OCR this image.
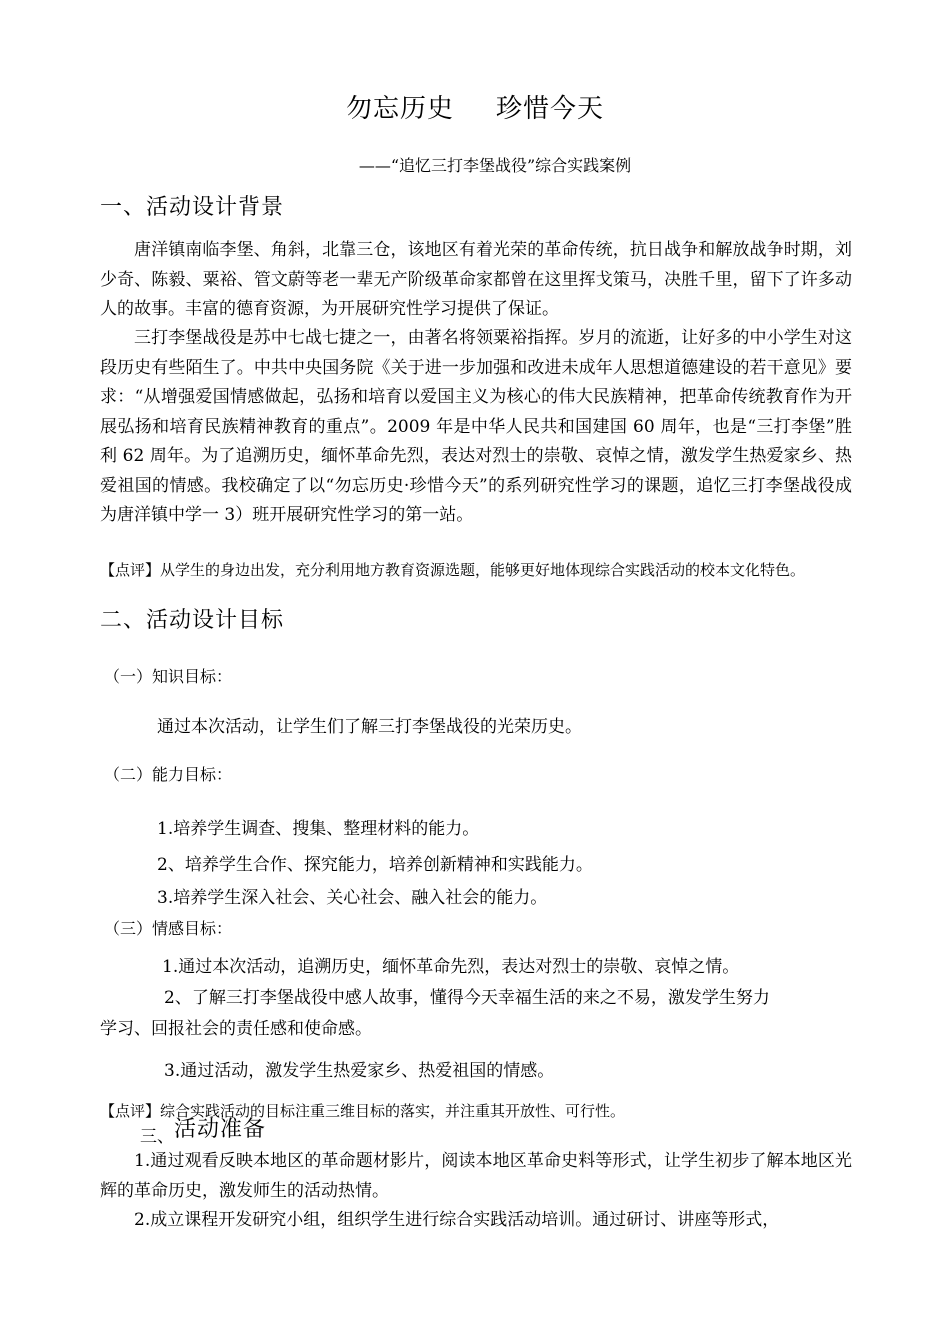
勿忘历史 珍惜今天
——“追忆三打李堡战役”综合实践案例
一、活动设计背景
唐洋镇南临李堡、角斜，北靠三仓，该地区有着光荣的革命传统，抗日战争和解放战争时期，刘少奇、陈毅、粟裕、管文蔚等老一辈无产阶级革命家都曾在这里挥戈策马，决胜千里，留下了许多动人的故事。丰富的德育资源，为开展研究性学习提供了保证。
三打李堡战役是苏中七战七捷之一，由著名将领粟裕指挥。岁月的流逝，让好多的中小学生对这段历史有些陌生了。中共中央国务院《关于进一步加强和改进未成年人思想道德建设的若干意见》要求：“从增强爱国情感做起，弘扬和培育以爱国主义为核心的伟大民族精神，把革命传统教育作为开展弘扬和培育民族精神教育的重点”。2009 年是中华人民共和国建国 60 周年，也是“三打李堡”胜利 62 周年。为了追溯历史，缅怀革命先烈，表达对烈士的崇敬、哀悼之情，激发学生热爱家乡、热爱祖国的情感。我校确定了以“勿忘历史·珍惜今天”的系列研究性学习的课题，追忆三打李堡战役成为唐洋镇中学一 3）班开展研究性学习的第一站。
【点评】从学生的身边出发，充分利用地方教育资源选题，能够更好地体现综合实践活动的校本文化特色。
二、活动设计目标
（一）知识目标：
通过本次活动，让学生们了解三打李堡战役的光荣历史。
（二）能力目标：
1.培养学生调查、搜集、整理材料的能力。
2、培养学生合作、探究能力，培养创新精神和实践能力。
3.培养学生深入社会、关心社会、融入社会的能力。
（三）情感目标：
1.通过本次活动，追溯历史，缅怀革命先烈，表达对烈士的崇敬、哀悼之情。
2、了解三打李堡战役中感人故事，懂得今天幸福生活的来之不易，激发学生努力
学习、回报社会的责任感和使命感。
3.通过活动，激发学生热爱家乡、热爱祖国的情感。
【点评】综合实践活动的目标注重三维目标的落实，并注重其开放性、可行性。
三、活动准备
1.通过观看反映本地区的革命题材影片，阅读本地区革命史料等形式，让学生初步了解本地区光辉的革命历史，激发师生的活动热情。
2.成立课程开发研究小组，组织学生进行综合实践活动培训。通过研讨、讲座等形式，
